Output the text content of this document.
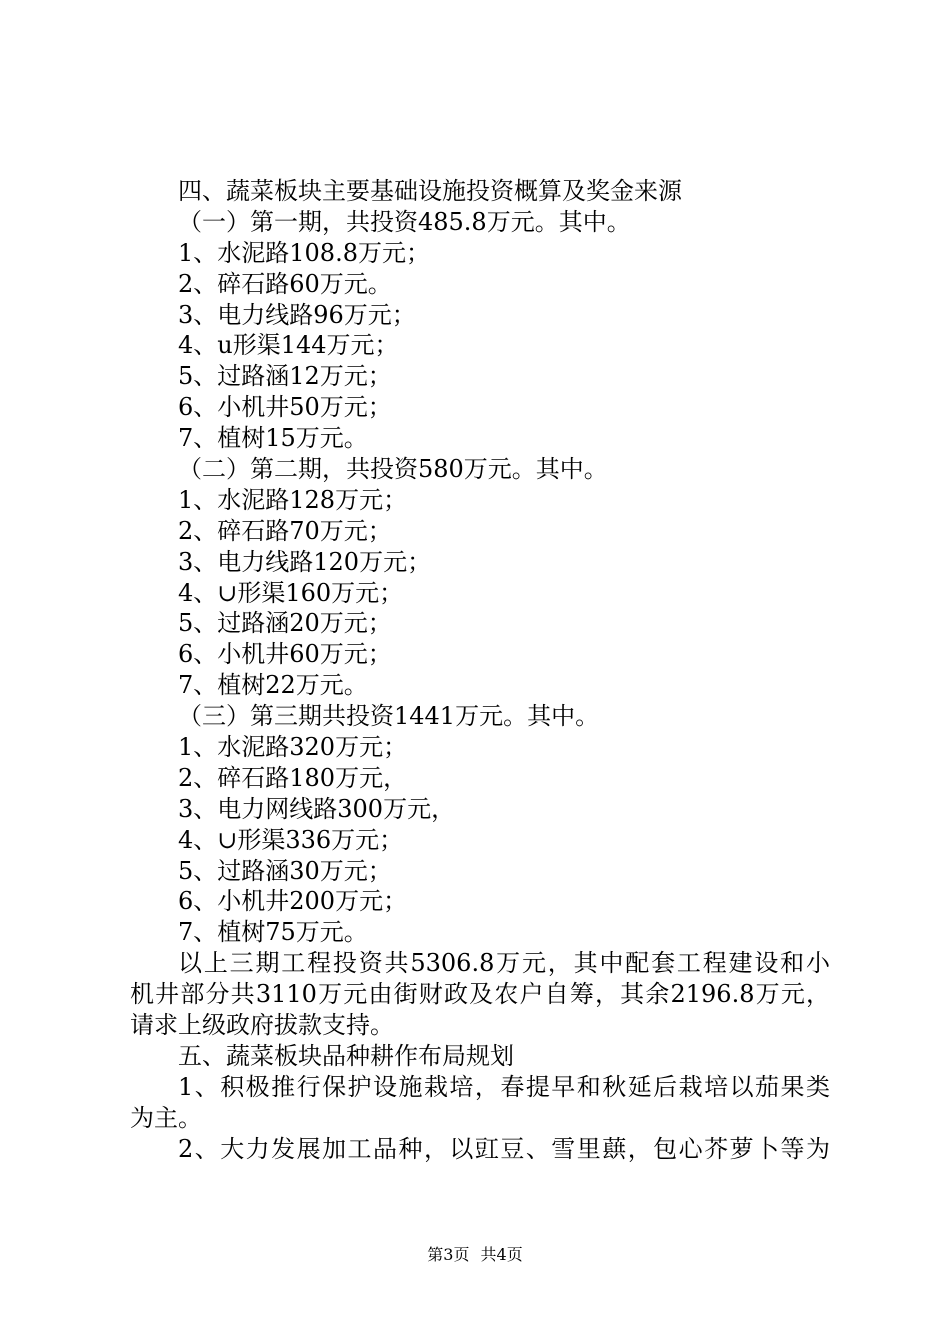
四、蔬菜板块主要基础设施投资概算及奖金来源
（一）第一期，共投资485.8万元。其中。
1、水泥路108.8万元；
2、碎石路60万元。
3、电力线路96万元；
4、u形渠144万元；
5、过路涵12万元；
6、小机井50万元；
7、植树15万元。
（二）第二期，共投资580万元。其中。
1、水泥路128万元；
2、碎石路70万元；
3、电力线路120万元；
4、∪形渠160万元；
5、过路涵20万元；
6、小机井60万元；
7、植树22万元。
（三）第三期共投资1441万元。其中。
1、水泥路320万元；
2、碎石路180万元，
3、电力网线路300万元，
4、∪形渠336万元；
5、过路涵30万元；
6、小机井200万元；
7、植树75万元。
以上三期工程投资共5306.8万元，其中配套工程建设和小
机井部分共3110万元由街财政及农户自筹，其余2196.8万元，
请求上级政府拔款支持。
五、蔬菜板块品种耕作布局规划
1、积极推行保护设施栽培，春提早和秋延后栽培以茄果类
为主。
2、大力发展加工品种，以豇豆、雪里蕻，包心芥萝卜等为
第3页 共4页
